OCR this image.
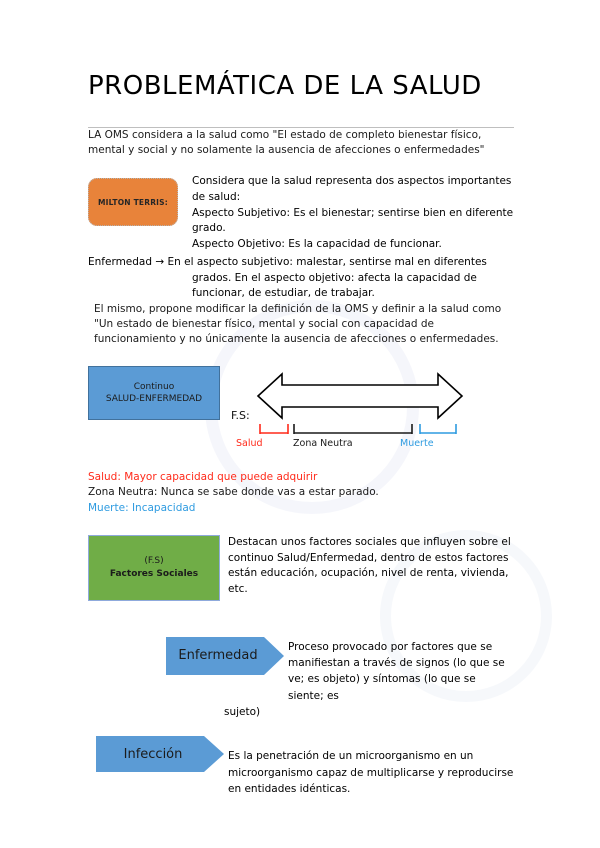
PROBLEMÁTICA DE LA SALUD

LA OMS considera a la salud como "El estado de completo bienestar físico, mental y social y no solamente la ausencia de afecciones o enfermedades"

MILTON TERRIS:
Considera que la salud representa dos aspectos importantes de salud:
Aspecto Subjetivo: Es el bienestar; sentirse bien en diferente grado.
Aspecto Objetivo: Es la capacidad de funcionar.
Enfermedad → En el aspecto subjetivo: malestar, sentirse mal en diferentes
grados. En el aspecto objetivo: afecta la capacidad de funcionar, de estudiar, de trabajar.

El mismo, propone modificar la definición de la OMS y definir a la salud como "Un estado de bienestar físico, mental y social con capacidad de funcionamiento y no únicamente la ausencia de afecciones o enfermedades.

Continuo
SALUD-ENFERMEDAD
F.S:
Salud	Zona Neutra	Muerte
Salud: Mayor capacidad que puede adquirir
Zona Neutra: Nunca se sabe donde vas a estar parado.
Muerte: Incapacidad
(F.S)
Factores Sociales
Destacan unos factores sociales que influyen sobre el continuo Salud/Enfermedad, dentro de estos factores están educación, ocupación, nivel de renta, vivienda, etc.
Enfermedad
Proceso provocado por factores que se manifiestan a través de signos (lo que se ve; es objeto) y síntomas (lo que se siente; es
sujeto)
Infección	Es la penetración de un microorganismo en un microorganismo capaz de multiplicarse y reproducirse en entidades idénticas.
